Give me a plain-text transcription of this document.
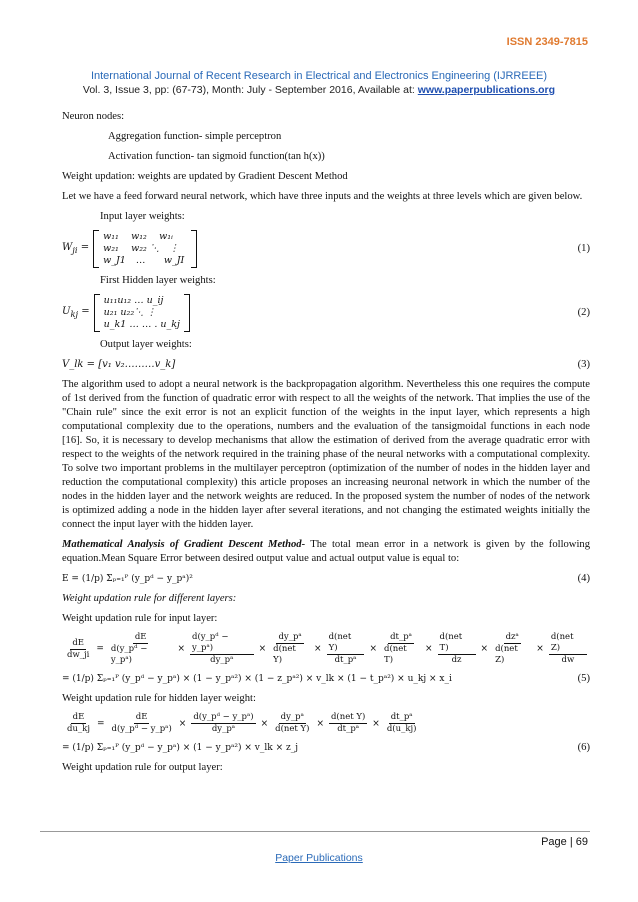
ISSN 2349-7815
International Journal of Recent Research in Electrical and Electronics Engineering (IJRREEE)
Vol. 3, Issue 3, pp: (67-73), Month: July - September 2016, Available at: www.paperpublications.org

Neuron nodes:

Aggregation function- simple perceptron

Activation function- tan sigmoid function(tan h(x))

Weight updation: weights are updated by Gradient Descent Method

Let we have a feed forward neural network, which have three inputs and the weights at three levels which are given below.

Input layer weights:

$W_{ji}$ =
w₁₁ w₁₂ w₁ᵢ
w₂₁ w₂₂ ⋱ ⋮
w_J1 …	w_JI
(1)

First Hidden layer weights:

$U_{kj}$ =
u₁₁u₁₂ … u_ij
u₂₁ u₂₂⋱ ⋮
u_k1 … … . u_kj
(2)

Output layer weights:

V_lk = [v₁ v₂………v_k]	(3)

The algorithm used to adopt a neural network is the backpropagation algorithm. Nevertheless this one requires the compute of 1st derived from the function of quadratic error with respect to all the weights of the network. That implies the use of the "Chain rule" since the exit error is not an explicit function of the weights in the input layer, which represents a high computational complexity due to the operations, numbers and the evaluation of the tansigmoidal functions in each node [16]. So, it is necessary to develop mechanisms that allow the estimation of derived from the average quadratic error with respect to the weights of the network required in the training phase of the neural networks with a computational complexity. To solve two important problems in the multilayer perceptron (optimization of the number of nodes in the hidden layer and reduction the computational complexity) this article proposes an increasing neuronal network in which the number of the nodes in the hidden layer and the network weights are reduced. In the proposed system the number of nodes of the network is optimized adding a node in the hidden layer after several iterations, and not changing the estimated weights initially the connect the input layer with the hidden layer.

Mathematical Analysis of Gradient Descent Method- The total mean error in a network is given by the following equation.Mean Square Error between desired output value and actual output value is equal to:

E = (1/p) Σₚ₌₁ᴾ (y_pᵈ − y_pᵃ)²	(4)

Weight updation rule for different layers:

Weight updation rule for input layer:

$\frac{dE}{dw\_ji} = \frac{dE}{\text{d(y\_pᵈ − y\_pᵃ)}} \times \frac{\text{d(y\_pᵈ − y\_pᵃ)}}{\text{dy\_pᵃ}} \times \frac{\text{dy\_pᵃ}}{\text{d(net Y)}} \times \frac{\text{d(net Y)}}{\text{dt\_pᵃ}} \times \frac{\text{dt\_pᵃ}}{\text{d(net T)}} \times \frac{\text{d(net T)}}{dz} \times \frac{\text{dzᵃ}}{\text{d(net Z)}} \times \frac{\text{d(net Z)}}{dw}$
= (1/p) Σₚ₌₁ᴾ (y_pᵈ − y_pᵃ) × (1 − y_pᵃ²) × (1 − z_pᵃ²) × v_lk × (1 − t_pᵃ²) × u_kj × x_i	(5)

Weight updation rule for hidden layer weight:

$\frac{dE}{du\_kj} = \frac{dE}{\text{d(y\_pᵈ − y\_pᵃ)}} \times \frac{\text{d(y\_pᵈ − y\_pᵃ)}}{\text{dy\_pᵃ}} \times \frac{\text{dy\_pᵃ}}{\text{d(net Y)}} \times \frac{\text{d(net Y)}}{\text{dt\_pᵃ}} \times \frac{\text{dt\_pᵃ}}{d(u\_kj)}$
= (1/p) Σₚ₌₁ᴾ (y_pᵈ − y_pᵃ) × (1 − y_pᵃ²) × v_lk × z_j	(6)

Weight updation rule for output layer:

Page | 69
Paper Publications
